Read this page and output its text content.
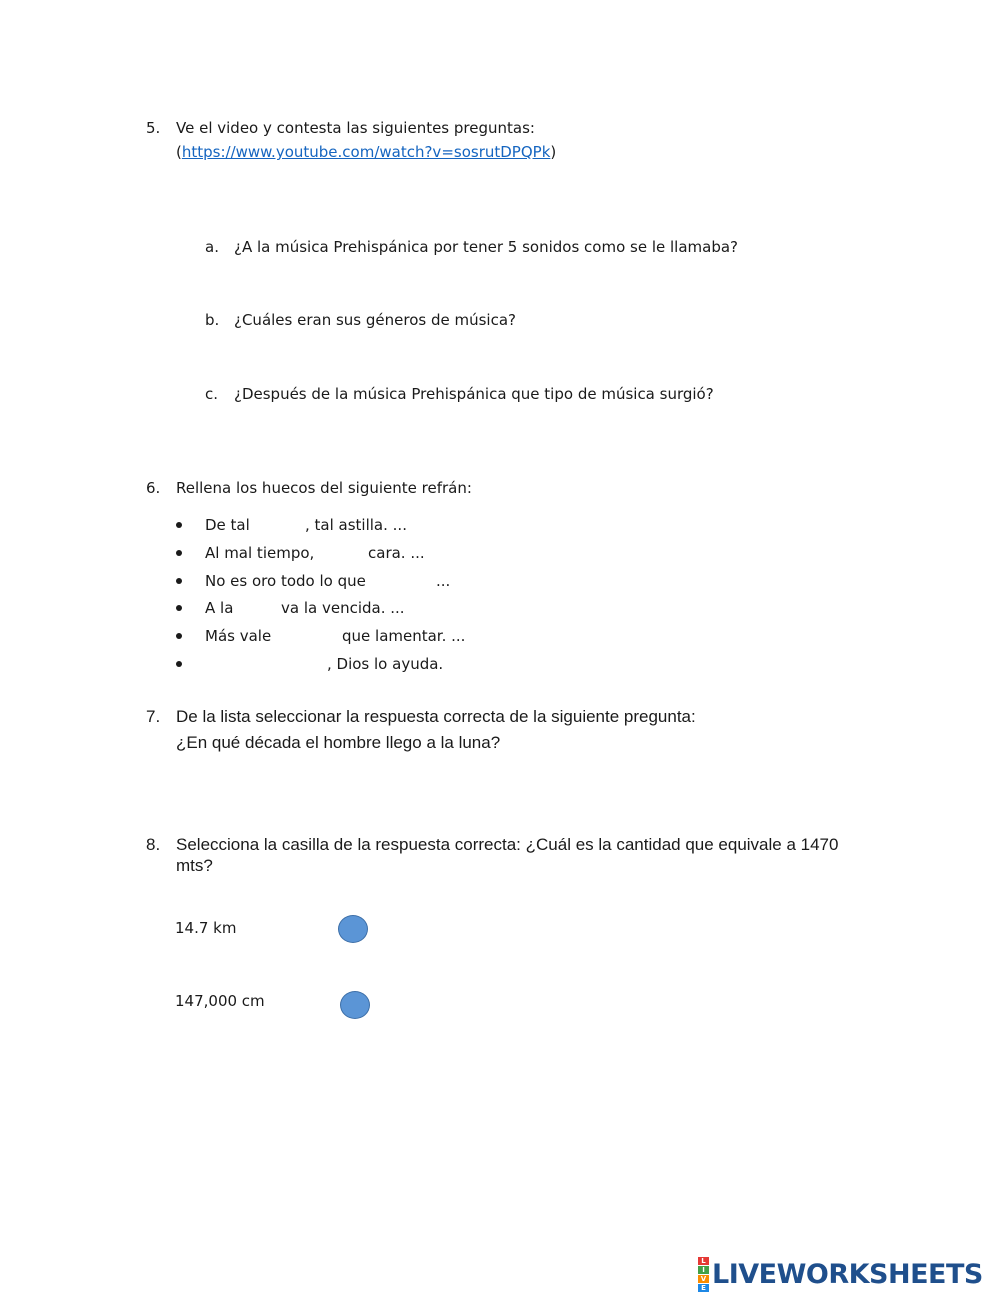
5.	Ve el video y contesta las siguientes preguntas:
(https://www.youtube.com/watch?v=sosrutDPQPk)
a. ¿A la música Prehispánica por tener 5 sonidos como se le llamaba?
b. ¿Cuáles eran sus géneros de música?
c. ¿Después de la música Prehispánica que tipo de música surgió?
6.	Rellena los huecos del siguiente refrán:
De tal	, tal astilla. ...
Al mal tiempo,	cara. ...
No es oro todo lo que	...
A la	va la vencida. ...
Más vale	que lamentar. ...
, Dios lo ayuda.
7. De la lista seleccionar la respuesta correcta de la siguiente pregunta:
¿En qué década el hombre llego a la luna?
8. Selecciona la casilla de la respuesta correcta: ¿Cuál es la cantidad que equivale a 1470
mts?
14.7 km
147,000 cm
L
I
V
E LIVEWORKSHEETS
